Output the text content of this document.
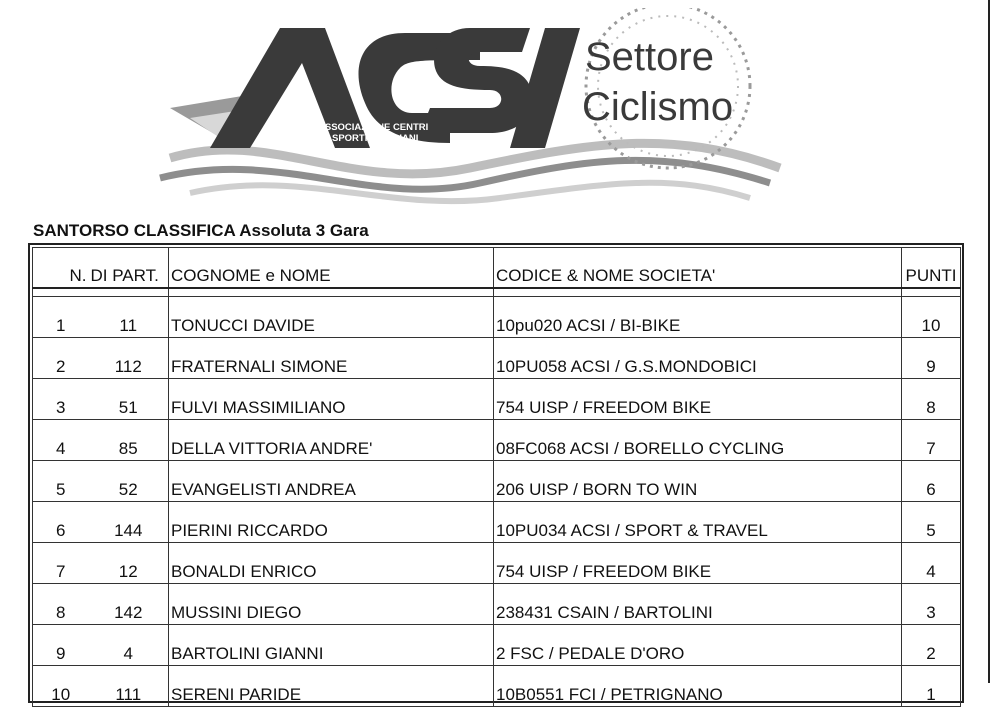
ASSOCIAZIONE CENTRI
SPORTIVI ITALIANI
Settore
Ciclismo
SANTORSO CLASSIFICA Assoluta 3 Gara
N.	DI PART.	COGNOME e NOME	CODICE & NOME SOCIETA'	PUNTI

1	11	TONUCCI DAVIDE	10pu020 ACSI / BI-BIKE	10
2	112	FRATERNALI SIMONE	10PU058 ACSI / G.S.MONDOBICI	9
3	51	FULVI MASSIMILIANO	754 UISP / FREEDOM BIKE	8
4	85	DELLA VITTORIA ANDRE'	08FC068 ACSI / BORELLO CYCLING	7
5	52	EVANGELISTI ANDREA	206 UISP / BORN TO WIN	6
6	144	PIERINI RICCARDO	10PU034 ACSI / SPORT & TRAVEL	5
7	12	BONALDI ENRICO	754 UISP / FREEDOM BIKE	4
8	142	MUSSINI DIEGO	238431 CSAIN / BARTOLINI	3
9	4	BARTOLINI GIANNI	2 FSC / PEDALE D'ORO	2
10	111	SERENI PARIDE	10B0551 FCI / PETRIGNANO	1
